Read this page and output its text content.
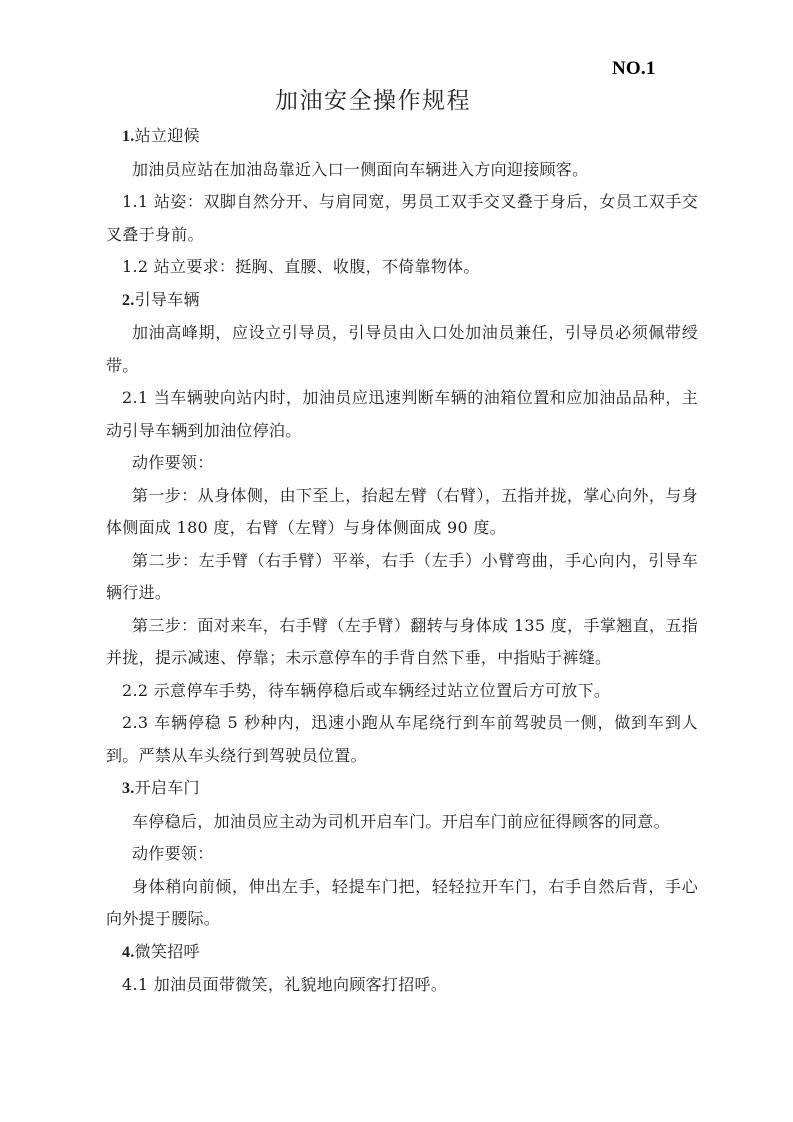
NO.1
加油安全操作规程

1.站立迎候

加油员应站在加油岛靠近入口一侧面向车辆进入方向迎接顾客。

1.1 站姿：双脚自然分开、与肩同宽，男员工双手交叉叠于身后，女员工双手交叉叠于身前。

1.2 站立要求：挺胸、直腰、收腹，不倚靠物体。

2.引导车辆

加油高峰期，应设立引导员，引导员由入口处加油员兼任，引导员必须佩带绶带。

2.1 当车辆驶向站内时，加油员应迅速判断车辆的油箱位置和应加油品品种，主动引导车辆到加油位停泊。

动作要领：

第一步：从身体侧，由下至上，抬起左臂（右臂），五指并拢，掌心向外，与身体侧面成 180 度，右臂（左臂）与身体侧面成 90 度。

第二步：左手臂（右手臂）平举，右手（左手）小臂弯曲，手心向内，引导车辆行进。

第三步：面对来车，右手臂（左手臂）翻转与身体成 135 度，手掌翘直，五指并拢，提示减速、停靠；未示意停车的手背自然下垂，中指贴于裤缝。

2.2 示意停车手势，待车辆停稳后或车辆经过站立位置后方可放下。

2.3 车辆停稳 5 秒种内，迅速小跑从车尾绕行到车前驾驶员一侧，做到车到人到。严禁从车头绕行到驾驶员位置。

3.开启车门

车停稳后，加油员应主动为司机开启车门。开启车门前应征得顾客的同意。

动作要领：

身体稍向前倾，伸出左手，轻提车门把，轻轻拉开车门，右手自然后背，手心向外提于腰际。

4.微笑招呼

4.1 加油员面带微笑，礼貌地向顾客打招呼。
